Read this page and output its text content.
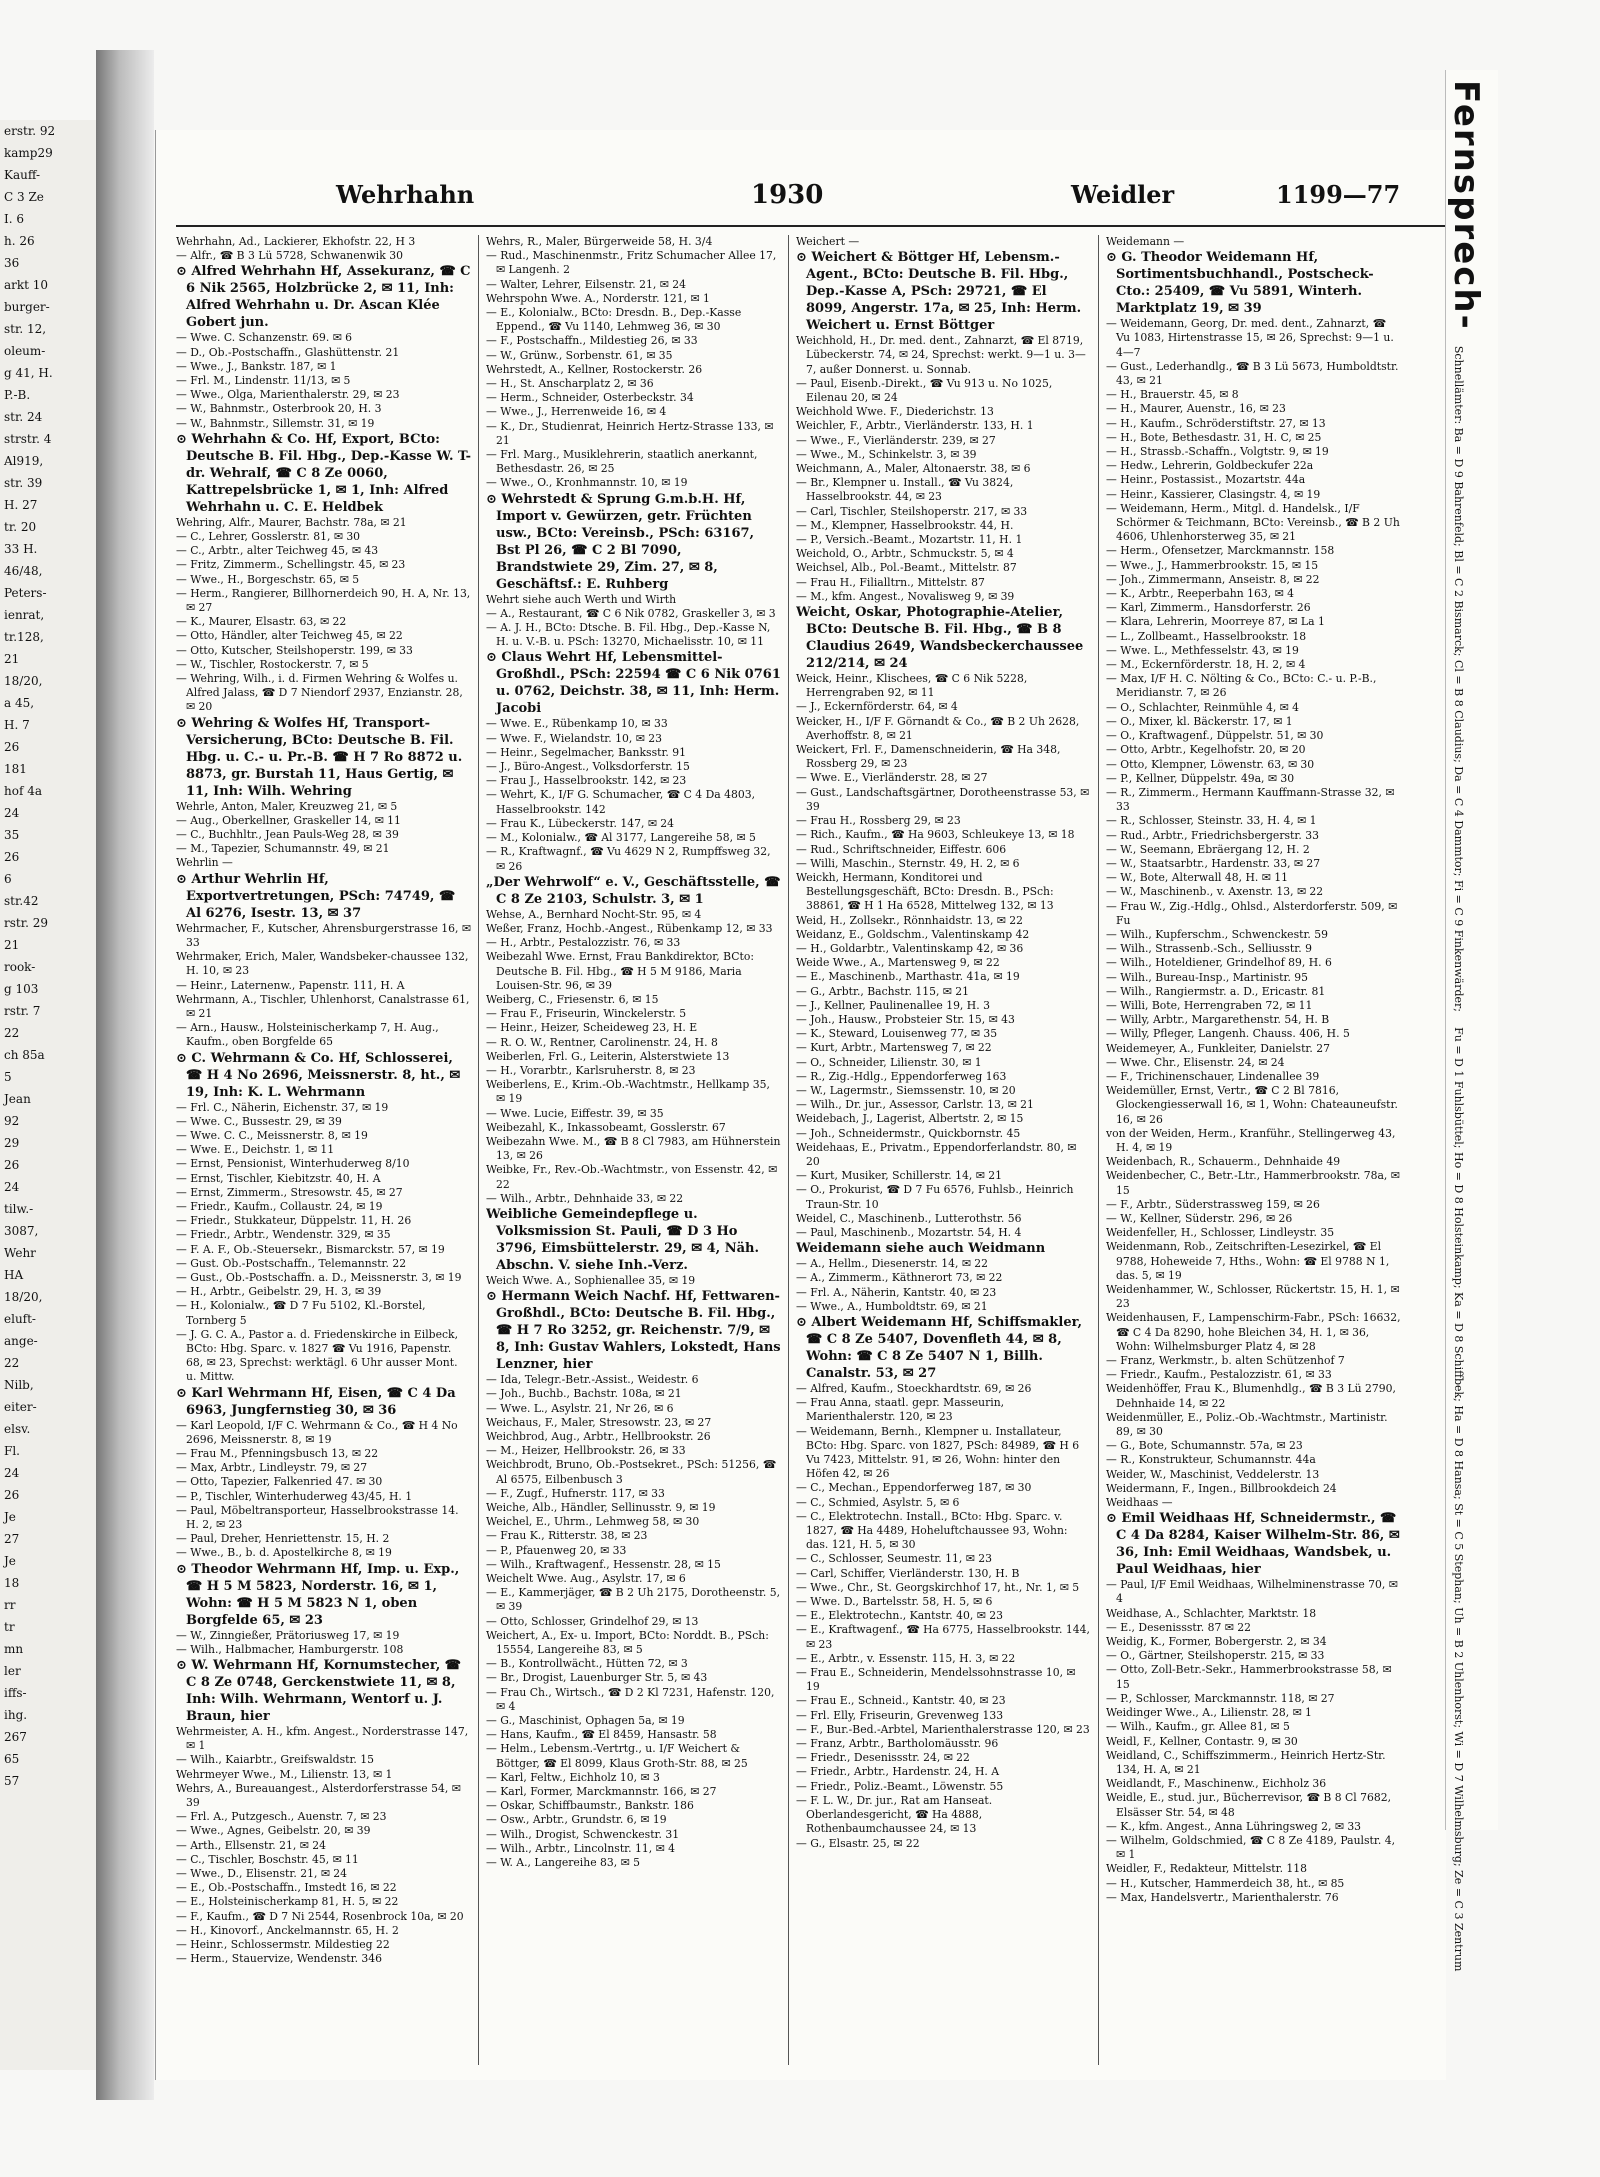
erstr. 92
kamp29
Kauff-
C 3 Ze
I. 6
h. 26
36
arkt 10
burger-
str. 12,
oleum-
g 41, H.
P.-B.
str. 24
strstr. 4
Al919,
str. 39
H. 27
tr. 20
33 H.
46/48,
Peters-
ienrat,
tr.128,
21
18/20,
a 45,
H. 7
26
181
hof 4a
24
35
26
6
str.42
rstr. 29
21
rook-
g 103
rstr. 7
22
ch 85a
5
Jean
92
29
26
24
tilw.-
3087,
Wehr
HA
18/20,
eluft-
ange-
22
Nilb,
eiter-
elsv.
Fl.
24
26
Je
27
Je
18
rr
tr
mn
ler
iffs-
ihg.
267
65
57
Wehrhahn	1930	Weidler	1199—77

Wehrhahn, Ad., Lackierer, Ekhofstr. 22, H 3

— Alfr., ☎ B 3 Lü 5728, Schwanenwik 30

⊙ Alfred Wehrhahn Hf, Assekuranz, ☎ C 6 Nik 2565, Holzbrücke 2, ✉ 11, Inh: Alfred Wehrhahn u. Dr. Ascan Klée Gobert jun.

— Wwe. C. Schanzenstr. 69. ✉ 6

— D., Ob.-Postschaffn., Glashüttenstr. 21

— Wwe., J., Bankstr. 187, ✉ 1

— Frl. M., Lindenstr. 11/13, ✉ 5

— Wwe., Olga, Marienthalerstr. 29, ✉ 23

— W., Bahnmstr., Osterbrook 20, H. 3

— W., Bahnmstr., Sillemstr. 31, ✉ 19

⊙ Wehrhahn & Co. Hf, Export, BCto: Deutsche B. Fil. Hbg., Dep.-Kasse W. T-dr. Wehralf, ☎ C 8 Ze 0060, Kattrepelsbrücke 1, ✉ 1, Inh: Alfred Wehrhahn u. C. E. Heldbek

Wehring, Alfr., Maurer, Bachstr. 78a, ✉ 21

— C., Lehrer, Gosslerstr. 81, ✉ 30

— C., Arbtr., alter Teichweg 45, ✉ 43

— Fritz, Zimmerm., Schellingstr. 45, ✉ 23

— Wwe., H., Borgeschstr. 65, ✉ 5

— Herm., Rangierer, Billhornerdeich 90, H. A, Nr. 13, ✉ 27

— K., Maurer, Elsastr. 63, ✉ 22

— Otto, Händler, alter Teichweg 45, ✉ 22

— Otto, Kutscher, Steilshoperstr. 199, ✉ 33

— W., Tischler, Rostockerstr. 7, ✉ 5

— Wehring, Wilh., i. d. Firmen Wehring & Wolfes u. Alfred Jalass, ☎ D 7 Niendorf 2937, Enzianstr. 28, ✉ 20

⊙ Wehring & Wolfes Hf, Transport-Versicherung, BCto: Deutsche B. Fil. Hbg. u. C.- u. Pr.-B. ☎ H 7 Ro 8872 u. 8873, gr. Burstah 11, Haus Gertig, ✉ 11, Inh: Wilh. Wehring

Wehrle, Anton, Maler, Kreuzweg 21, ✉ 5

— Aug., Oberkellner, Graskeller 14, ✉ 11

— C., Buchhltr., Jean Pauls-Weg 28, ✉ 39

— M., Tapezier, Schumannstr. 49, ✉ 21

Wehrlin —

⊙ Arthur Wehrlin Hf, Exportvertretungen, PSch: 74749, ☎ Al 6276, Isestr. 13, ✉ 37

Wehrmacher, F., Kutscher, Ahrensburgerstrasse 16, ✉ 33

Wehrmaker, Erich, Maler, Wandsbeker-chaussee 132, H. 10, ✉ 23

— Heinr., Laternenw., Papenstr. 111, H. A

Wehrmann, A., Tischler, Uhlenhorst, Canalstrasse 61, ✉ 21

— Arn., Hausw., Holsteinischerkamp 7, H. Aug., Kaufm., oben Borgfelde 65

⊙ C. Wehrmann & Co. Hf, Schlosserei, ☎ H 4 No 2696, Meissnerstr. 8, ht., ✉ 19, Inh: K. L. Wehrmann

— Frl. C., Näherin, Eichenstr. 37, ✉ 19

— Wwe. C., Bussestr. 29, ✉ 39

— Wwe. C. C., Meissnerstr. 8, ✉ 19

— Wwe. E., Deichstr. 1, ✉ 11

— Ernst, Pensionist, Winterhuderweg 8/10

— Ernst, Tischler, Kiebitzstr. 40, H. A

— Ernst, Zimmerm., Stresowstr. 45, ✉ 27

— Friedr., Kaufm., Collaustr. 24, ✉ 19

— Friedr., Stukkateur, Düppelstr. 11, H. 26

— Friedr., Arbtr., Wendenstr. 329, ✉ 35

— F. A. F., Ob.-Steuersekr., Bismarckstr. 57, ✉ 19

— Gust. Ob.-Postschaffn., Telemannstr. 22

— Gust., Ob.-Postschaffn. a. D., Meissnerstr. 3, ✉ 19

— H., Arbtr., Geibelstr. 29, H. 3, ✉ 39

— H., Kolonialw., ☎ D 7 Fu 5102, Kl.-Borstel, Tornberg 5

— J. G. C. A., Pastor a. d. Friedenskirche in Eilbeck, BCto: Hbg. Sparc. v. 1827 ☎ Vu 1916, Papenstr. 68, ✉ 23, Sprechst: werktägl. 6 Uhr ausser Mont. u. Mittw.

⊙ Karl Wehrmann Hf, Eisen, ☎ C 4 Da 6963, Jungfernstieg 30, ✉ 36

— Karl Leopold, I/F C. Wehrmann & Co., ☎ H 4 No 2696, Meissnerstr. 8, ✉ 19

— Frau M., Pfenningsbusch 13, ✉ 22

— Max, Arbtr., Lindleystr. 79, ✉ 27

— Otto, Tapezier, Falkenried 47. ✉ 30

— P., Tischler, Winterhuderweg 43/45, H. 1

— Paul, Möbeltransporteur, Hasselbrookstrasse 14. H. 2, ✉ 23

— Paul, Dreher, Henriettenstr. 15, H. 2

— Wwe., B., b. d. Apostelkirche 8, ✉ 19

⊙ Theodor Wehrmann Hf, Imp. u. Exp., ☎ H 5 M 5823, Norderstr. 16, ✉ 1, Wohn: ☎ H 5 M 5823 N 1, oben Borgfelde 65, ✉ 23

— W., Zinngießer, Prätoriusweg 17, ✉ 19

— Wilh., Halbmacher, Hamburgerstr. 108

⊙ W. Wehrmann Hf, Kornumstecher, ☎ C 8 Ze 0748, Gerckenstwiete 11, ✉ 8, Inh: Wilh. Wehrmann, Wentorf u. J. Braun, hier

Wehrmeister, A. H., kfm. Angest., Norderstrasse 147, ✉ 1

— Wilh., Kaiarbtr., Greifswaldstr. 15

Wehrmeyer Wwe., M., Lilienstr. 13, ✉ 1

Wehrs, A., Bureauangest., Alsterdorferstrasse 54, ✉ 39

— Frl. A., Putzgesch., Auenstr. 7, ✉ 23

— Wwe., Agnes, Geibelstr. 20, ✉ 39

— Arth., Ellsenstr. 21, ✉ 24

— C., Tischler, Boschstr. 45, ✉ 11

— Wwe., D., Elisenstr. 21, ✉ 24

— E., Ob.-Postschaffn., Imstedt 16, ✉ 22

— E., Holsteinischerkamp 81, H. 5, ✉ 22

— F., Kaufm., ☎ D 7 Ni 2544, Rosenbrock 10a, ✉ 20

— H., Kinovorf., Anckelmannstr. 65, H. 2

— Heinr., Schlossermstr. Mildestieg 22

— Herm., Stauervize, Wendenstr. 346

Wehrs, R., Maler, Bürgerweide 58, H. 3/4

— Rud., Maschinenmstr., Fritz Schumacher Allee 17, ✉ Langenh. 2

— Walter, Lehrer, Eilsenstr. 21, ✉ 24

Wehrspohn Wwe. A., Norderstr. 121, ✉ 1

— E., Kolonialw., BCto: Dresdn. B., Dep.-Kasse Eppend., ☎ Vu 1140, Lehmweg 36, ✉ 30

— F., Postschaffn., Mildestieg 26, ✉ 33

— W., Grünw., Sorbenstr. 61, ✉ 35

Wehrstedt, A., Kellner, Rostockerstr. 26

— H., St. Anscharplatz 2, ✉ 36

— Herm., Schneider, Osterbeckstr. 34

— Wwe., J., Herrenweide 16, ✉ 4

— K., Dr., Studienrat, Heinrich Hertz-Strasse 133, ✉ 21

— Frl. Marg., Musiklehrerin, staatlich anerkannt, Bethesdastr. 26, ✉ 25

— Wwe., O., Kronhmannstr. 10, ✉ 19

⊙ Wehrstedt & Sprung G.m.b.H. Hf, Import v. Gewürzen, getr. Früchten usw., BCto: Vereinsb., PSch: 63167, Bst Pl 26, ☎ C 2 Bl 7090, Brandstwiete 29, Zim. 27, ✉ 8, Geschäftsf.: E. Ruhberg

Wehrt siehe auch Werth und Wirth

— A., Restaurant, ☎ C 6 Nik 0782, Graskeller 3, ✉ 3

— A. J. H., BCto: Dtsche. B. Fil. Hbg., Dep.-Kasse N, H. u. V.-B. u. PSch: 13270, Michaelisstr. 10, ✉ 11

⊙ Claus Wehrt Hf, Lebensmittel-Großhdl., PSch: 22594 ☎ C 6 Nik 0761 u. 0762, Deichstr. 38, ✉ 11, Inh: Herm. Jacobi

— Wwe. E., Rübenkamp 10, ✉ 33

— Wwe. F., Wielandstr. 10, ✉ 23

— Heinr., Segelmacher, Banksstr. 91

— J., Büro-Angest., Volksdorferstr. 15

— Frau J., Hasselbrookstr. 142, ✉ 23

— Wehrt, K., I/F G. Schumacher, ☎ C 4 Da 4803, Hasselbrookstr. 142

— Frau K., Lübeckerstr. 147, ✉ 24

— M., Kolonialw., ☎ Al 3177, Langereihe 58, ✉ 5

— R., Kraftwagnf., ☎ Vu 4629 N 2, Rumpffsweg 32, ✉ 26

„Der Wehrwolf“ e. V., Geschäftsstelle, ☎ C 8 Ze 2103, Schulstr. 3, ✉ 1

Wehse, A., Bernhard Nocht-Str. 95, ✉ 4

Weßer, Franz, Hochb.-Angest., Rübenkamp 12, ✉ 33

— H., Arbtr., Pestalozzistr. 76, ✉ 33

Weibezahl Wwe. Ernst, Frau Bankdirektor, BCto: Deutsche B. Fil. Hbg., ☎ H 5 M 9186, Maria Louisen-Str. 96, ✉ 39

Weiberg, C., Friesenstr. 6, ✉ 15

— Frau F., Friseurin, Winckelerstr. 5

— Heinr., Heizer, Scheideweg 23, H. E

— R. O. W., Rentner, Carolinenstr. 24, H. 8

Weiberlen, Frl. G., Leiterin, Alsterstwiete 13

— H., Vorarbtr., Karlsruherstr. 8, ✉ 23

Weiberlens, E., Krim.-Ob.-Wachtmstr., Hellkamp 35, ✉ 19

— Wwe. Lucie, Eiffestr. 39, ✉ 35

Weibezahl, K., Inkassobeamt, Gosslerstr. 67

Weibezahn Wwe. M., ☎ B 8 Cl 7983, am Hühnerstein 13, ✉ 26

Weibke, Fr., Rev.-Ob.-Wachtmstr., von Essenstr. 42, ✉ 22

— Wilh., Arbtr., Dehnhaide 33, ✉ 22

Weibliche Gemeindepflege u. Volksmission St. Pauli, ☎ D 3 Ho 3796, Eimsbüttelerstr. 29, ✉ 4, Näh. Abschn. V. siehe Inh.-Verz.

Weich Wwe. A., Sophienallee 35, ✉ 19

⊙ Hermann Weich Nachf. Hf, Fettwaren-Großhdl., BCto: Deutsche B. Fil. Hbg., ☎ H 7 Ro 3252, gr. Reichenstr. 7/9, ✉ 8, Inh: Gustav Wahlers, Lokstedt, Hans Lenzner, hier

— Ida, Telegr.-Betr.-Assist., Weidestr. 6

— Joh., Buchb., Bachstr. 108a, ✉ 21

— Wwe. L., Asylstr. 21, Nr 26, ✉ 6

Weichaus, F., Maler, Stresowstr. 23, ✉ 27

Weichbrod, Aug., Arbtr., Hellbrookstr. 26

— M., Heizer, Hellbrookstr. 26, ✉ 33

Weichbrodt, Bruno, Ob.-Postsekret., PSch: 51256, ☎ Al 6575, Eilbenbusch 3

— F., Zugf., Hufnerstr. 117, ✉ 33

Weiche, Alb., Händler, Sellinusstr. 9, ✉ 19

Weichel, E., Uhrm., Lehmweg 58, ✉ 30

— Frau K., Ritterstr. 38, ✉ 23

— P., Pfauenweg 20, ✉ 33

— Wilh., Kraftwagenf., Hessenstr. 28, ✉ 15

Weichelt Wwe. Aug., Asylstr. 17, ✉ 6

— E., Kammerjäger, ☎ B 2 Uh 2175, Dorotheenstr. 5, ✉ 39

— Otto, Schlosser, Grindelhof 29, ✉ 13

Weichert, A., Ex- u. Import, BCto: Norddt. B., PSch: 15554, Langereihe 83, ✉ 5

— B., Kontrollwächt., Hütten 72, ✉ 3

— Br., Drogist, Lauenburger Str. 5, ✉ 43

— Frau Ch., Wirtsch., ☎ D 2 Kl 7231, Hafenstr. 120, ✉ 4

— G., Maschinist, Ophagen 5a, ✉ 19

— Hans, Kaufm., ☎ El 8459, Hansastr. 58

— Helm., Lebensm.-Vertrtg., u. I/F Weichert & Böttger, ☎ El 8099, Klaus Groth-Str. 88, ✉ 25

— Karl, Feltw., Eichholz 10, ✉ 3

— Karl, Former, Marckmannstr. 166, ✉ 27

— Oskar, Schiffbaumstr., Bankstr. 186

— Osw., Arbtr., Grundstr. 6, ✉ 19

— Wilh., Drogist, Schwenckestr. 31

— Wilh., Arbtr., Lincolnstr. 11, ✉ 4

— W. A., Langereihe 83, ✉ 5

Weichert —

⊙ Weichert & Böttger Hf, Lebensm.-Agent., BCto: Deutsche B. Fil. Hbg., Dep.-Kasse A, PSch: 29721, ☎ El 8099, Angerstr. 17a, ✉ 25, Inh: Herm. Weichert u. Ernst Böttger

Weichhold, H., Dr. med. dent., Zahnarzt, ☎ El 8719, Lübeckerstr. 74, ✉ 24, Sprechst: werkt. 9—1 u. 3—7, außer Donnerst. u. Sonnab.

— Paul, Eisenb.-Direkt., ☎ Vu 913 u. No 1025, Eilenau 20, ✉ 24

Weichhold Wwe. F., Diederichstr. 13

Weichler, F., Arbtr., Vierländerstr. 133, H. 1

— Wwe., F., Vierländerstr. 239, ✉ 27

— Wwe., M., Schinkelstr. 3, ✉ 39

Weichmann, A., Maler, Altonaerstr. 38, ✉ 6

— Br., Klempner u. Install., ☎ Vu 3824, Hasselbrookstr. 44, ✉ 23

— Carl, Tischler, Steilshoperstr. 217, ✉ 33

— M., Klempner, Hasselbrookstr. 44, H.

— P., Versich.-Beamt., Mozartstr. 11, H. 1

Weichold, O., Arbtr., Schmuckstr. 5, ✉ 4

Weichsel, Alb., Pol.-Beamt., Mittelstr. 87

— Frau H., Filialltrn., Mittelstr. 87

— M., kfm. Angest., Novalisweg 9, ✉ 39

Weicht, Oskar, Photographie-Atelier, BCto: Deutsche B. Fil. Hbg., ☎ B 8 Claudius 2649, Wandsbeckerchaussee 212/214, ✉ 24

Weick, Heinr., Klischees, ☎ C 6 Nik 5228, Herrengraben 92, ✉ 11

— J., Eckernförderstr. 64, ✉ 4

Weicker, H., I/F F. Görnandt & Co., ☎ B 2 Uh 2628, Averhoffstr. 8, ✉ 21

Weickert, Frl. F., Damenschneiderin, ☎ Ha 348, Rossberg 29, ✉ 23

— Wwe. E., Vierländerstr. 28, ✉ 27

— Gust., Landschaftsgärtner, Dorotheenstrasse 53, ✉ 39

— Frau H., Rossberg 29, ✉ 23

— Rich., Kaufm., ☎ Ha 9603, Schleukeye 13, ✉ 18

— Rud., Schriftschneider, Eiffestr. 606

— Willi, Maschin., Sternstr. 49, H. 2, ✉ 6

Weickh, Hermann, Konditorei und Bestellungsgeschäft, BCto: Dresdn. B., PSch: 38861, ☎ H 1 Ha 6528, Mittelweg 132, ✉ 13

Weid, H., Zollsekr., Rönnhaidstr. 13, ✉ 22

Weidanz, E., Goldschm., Valentinskamp 42

— H., Goldarbtr., Valentinskamp 42, ✉ 36

Weide Wwe., A., Martensweg 9, ✉ 22

— E., Maschinenb., Marthastr. 41a, ✉ 19

— G., Arbtr., Bachstr. 115, ✉ 21

— J., Kellner, Paulinenallee 19, H. 3

— Joh., Hausw., Probsteier Str. 15, ✉ 43

— K., Steward, Louisenweg 77, ✉ 35

— Kurt, Arbtr., Martensweg 7, ✉ 22

— O., Schneider, Lilienstr. 30, ✉ 1

— R., Zig.-Hdlg., Eppendorferweg 163

— W., Lagermstr., Siemssenstr. 10, ✉ 20

— Wilh., Dr. jur., Assessor, Carlstr. 13, ✉ 21

Weidebach, J., Lagerist, Albertstr. 2, ✉ 15

— Joh., Schneidermstr., Quickbornstr. 45

Weidehaas, E., Privatm., Eppendorferlandstr. 80, ✉ 20

— Kurt, Musiker, Schillerstr. 14, ✉ 21

— O., Prokurist, ☎ D 7 Fu 6576, Fuhlsb., Heinrich Traun-Str. 10

Weidel, C., Maschinenb., Lutterothstr. 56

— Paul, Maschinenb., Mozartstr. 54, H. 4

Weidemann siehe auch Weidmann

— A., Hellm., Diesenerstr. 14, ✉ 22

— A., Zimmerm., Käthnerort 73, ✉ 22

— Frl. A., Näherin, Kantstr. 40, ✉ 23

— Wwe., A., Humboldtstr. 69, ✉ 21

⊙ Albert Weidemann Hf, Schiffsmakler, ☎ C 8 Ze 5407, Dovenfleth 44, ✉ 8, Wohn: ☎ C 8 Ze 5407 N 1, Billh. Canalstr. 53, ✉ 27

— Alfred, Kaufm., Stoeckhardtstr. 69, ✉ 26

— Frau Anna, staatl. gepr. Masseurin, Marienthalerstr. 120, ✉ 23

— Weidemann, Bernh., Klempner u. Installateur, BCto: Hbg. Sparc. von 1827, PSch: 84989, ☎ H 6 Vu 7423, Mittelstr. 91, ✉ 26, Wohn: hinter den Höfen 42, ✉ 26

— C., Mechan., Eppendorferweg 187, ✉ 30

— C., Schmied, Asylstr. 5, ✉ 6

— C., Elektrotechn. Install., BCto: Hbg. Sparc. v. 1827, ☎ Ha 4489, Hoheluftchaussee 93, Wohn: das. 121, H. 5, ✉ 30

— C., Schlosser, Seumestr. 11, ✉ 23

— Carl, Schiffer, Vierländerstr. 130, H. B

— Wwe., Chr., St. Georgskirchhof 17, ht., Nr. 1, ✉ 5

— Wwe. D., Bartelsstr. 58, H. 5, ✉ 6

— E., Elektrotechn., Kantstr. 40, ✉ 23

— E., Kraftwagenf., ☎ Ha 6775, Hasselbrookstr. 144, ✉ 23

— E., Arbtr., v. Essenstr. 115, H. 3, ✉ 22

— Frau E., Schneiderin, Mendelssohnstrasse 10, ✉ 19

— Frau E., Schneid., Kantstr. 40, ✉ 23

— Frl. Elly, Friseurin, Grevenweg 133

— F., Bur.-Bed.-Arbtel, Marienthalerstrasse 120, ✉ 23

— Franz, Arbtr., Bartholomäusstr. 96

— Friedr., Desenissstr. 24, ✉ 22

— Friedr., Arbtr., Hardenstr. 24, H. A

— Friedr., Poliz.-Beamt., Löwenstr. 55

— F. L. W., Dr. jur., Rat am Hanseat. Oberlandesgericht, ☎ Ha 4888, Rothenbaumchaussee 24, ✉ 13

— G., Elsastr. 25, ✉ 22

Weidemann —

⊙ G. Theodor Weidemann Hf, Sortimentsbuchhandl., Postscheck-Cto.: 25409, ☎ Vu 5891, Winterh. Marktplatz 19, ✉ 39

— Weidemann, Georg, Dr. med. dent., Zahnarzt, ☎ Vu 1083, Hirtenstrasse 15, ✉ 26, Sprechst: 9—1 u. 4—7

— Gust., Lederhandlg., ☎ B 3 Lü 5673, Humboldtstr. 43, ✉ 21

— H., Brauerstr. 45, ✉ 8

— H., Maurer, Auenstr., 16, ✉ 23

— H., Kaufm., Schröderstiftstr. 27, ✉ 13

— H., Bote, Bethesdastr. 31, H. C, ✉ 25

— H., Strassb.-Schaffn., Volgtstr. 9, ✉ 19

— Hedw., Lehrerin, Goldbeckufer 22a

— Heinr., Postassist., Mozartstr. 44a

— Heinr., Kassierer, Clasingstr. 4, ✉ 19

— Weidemann, Herm., Mitgl. d. Handelsk., I/F Schörmer & Teichmann, BCto: Vereinsb., ☎ B 2 Uh 4606, Uhlenhorsterweg 35, ✉ 21

— Herm., Ofensetzer, Marckmannstr. 158

— Wwe., J., Hammerbrookstr. 15, ✉ 15

— Joh., Zimmermann, Anseistr. 8, ✉ 22

— K., Arbtr., Reeperbahn 163, ✉ 4

— Karl, Zimmerm., Hansdorferstr. 26

— Klara, Lehrerin, Moorreye 87, ✉ La 1

— L., Zollbeamt., Hasselbrookstr. 18

— Wwe. L., Methfesselstr. 43, ✉ 19

— M., Eckernförderstr. 18, H. 2, ✉ 4

— Max, I/F H. C. Nölting & Co., BCto: C.- u. P.-B., Meridianstr. 7, ✉ 26

— O., Schlachter, Reinmühle 4, ✉ 4

— O., Mixer, kl. Bäckerstr. 17, ✉ 1

— O., Kraftwagenf., Düppelstr. 51, ✉ 30

— Otto, Arbtr., Kegelhofstr. 20, ✉ 20

— Otto, Klempner, Löwenstr. 63, ✉ 30

— P., Kellner, Düppelstr. 49a, ✉ 30

— R., Zimmerm., Hermann Kauffmann-Strasse 32, ✉ 33

— R., Schlosser, Steinstr. 33, H. 4, ✉ 1

— Rud., Arbtr., Friedrichsbergerstr. 33

— W., Seemann, Ebräergang 12, H. 2

— W., Staatsarbtr., Hardenstr. 33, ✉ 27

— W., Bote, Alterwall 48, H. ✉ 11

— W., Maschinenb., v. Axenstr. 13, ✉ 22

— Frau W., Zig.-Hdlg., Ohlsd., Alsterdorferstr. 509, ✉ Fu

— Wilh., Kupferschm., Schwenckestr. 59

— Wilh., Strassenb.-Sch., Selliusstr. 9

— Wilh., Hoteldiener, Grindelhof 89, H. 6

— Wilh., Bureau-Insp., Martinistr. 95

— Wilh., Rangiermstr. a. D., Ericastr. 81

— Willi, Bote, Herrengraben 72, ✉ 11

— Willy, Arbtr., Margarethenstr. 54, H. B

— Willy, Pfleger, Langenh. Chauss. 406, H. 5

Weidemeyer, A., Funkleiter, Danielstr. 27

— Wwe. Chr., Elisenstr. 24, ✉ 24

— F., Trichinenschauer, Lindenallee 39

Weidemüller, Ernst, Vertr., ☎ C 2 Bl 7816, Glockengiesserwall 16, ✉ 1, Wohn: Chateauneufstr. 16, ✉ 26

von der Weiden, Herm., Kranführ., Stellingerweg 43, H. 4, ✉ 19

Weidenbach, R., Schauerm., Dehnhaide 49

Weidenbecher, C., Betr.-Ltr., Hammerbrookstr. 78a, ✉ 15

— F., Arbtr., Süderstrassweg 159, ✉ 26

— W., Kellner, Süderstr. 296, ✉ 26

Weidenfeller, H., Schlosser, Lindleystr. 35

Weidenmann, Rob., Zeitschriften-Lesezirkel, ☎ El 9788, Hoheweide 7, Hths., Wohn: ☎ El 9788 N 1, das. 5, ✉ 19

Weidenhammer, W., Schlosser, Rückertstr. 15, H. 1, ✉ 23

Weidenhausen, F., Lampenschirm-Fabr., PSch: 16632, ☎ C 4 Da 8290, hohe Bleichen 34, H. 1, ✉ 36, Wohn: Wilhelmsburger Platz 4, ✉ 28

— Franz, Werkmstr., b. alten Schützenhof 7

— Friedr., Kaufm., Pestalozzistr. 61, ✉ 33

Weidenhöffer, Frau K., Blumenhdlg., ☎ B 3 Lü 2790, Dehnhaide 14, ✉ 22

Weidenmüller, E., Poliz.-Ob.-Wachtmstr., Martinistr. 89, ✉ 30

— G., Bote, Schumannstr. 57a, ✉ 23

— R., Konstrukteur, Schumannstr. 44a

Weider, W., Maschinist, Veddelerstr. 13

Weidermann, F., Ingen., Billbrookdeich 24

Weidhaas —

⊙ Emil Weidhaas Hf, Schneidermstr., ☎ C 4 Da 8284, Kaiser Wilhelm-Str. 86, ✉ 36, Inh: Emil Weidhaas, Wandsbek, u. Paul Weidhaas, hier

— Paul, I/F Emil Weidhaas, Wilhelminenstrasse 70, ✉ 4

Weidhase, A., Schlachter, Marktstr. 18

— E., Desenissstr. 87 ✉ 22

Weidig, K., Former, Bobergerstr. 2, ✉ 34

— O., Gärtner, Steilshoperstr. 215, ✉ 33

— Otto, Zoll-Betr.-Sekr., Hammerbrookstrasse 58, ✉ 15

— P., Schlosser, Marckmannstr. 118, ✉ 27

Weidinger Wwe., A., Lilienstr. 28, ✉ 1

— Wilh., Kaufm., gr. Allee 81, ✉ 5

Weidl, F., Kellner, Contastr. 9, ✉ 30

Weidland, C., Schiffszimmerm., Heinrich Hertz-Str. 134, H. A, ✉ 21

Weidlandt, F., Maschinenw., Eichholz 36

Weidle, E., stud. jur., Bücherrevisor, ☎ B 8 Cl 7682, Elsässer Str. 54, ✉ 48

— K., kfm. Angest., Anna Lühringsweg 2, ✉ 33

— Wilhelm, Goldschmied, ☎ C 8 Ze 4189, Paulstr. 4, ✉ 1

Weidler, F., Redakteur, Mittelstr. 118

— H., Kutscher, Hammerdeich 38, ht., ✉ 85

— Max, Handelsvertr., Marienthalerstr. 76

Fernsprech- Schnellämter: Ba = D 9 Bahrenfeld; Bl = C 2 Bismarck; Cl = B 8 Claudius; Da = C 4 Dammtor; Fi = C 9 Finkenwärder; Fu = D 1 Fuhlsbüttel; Ho = D 8 Holsteinkamp; Ka = D 8 Schiffbek; Ha = D 8 Hansa; St = C 5 Stephan; Uh = B 2 Uhlenhorst; Wi = D 7 Wilhelmsburg; Ze = C 3 Zentrum
